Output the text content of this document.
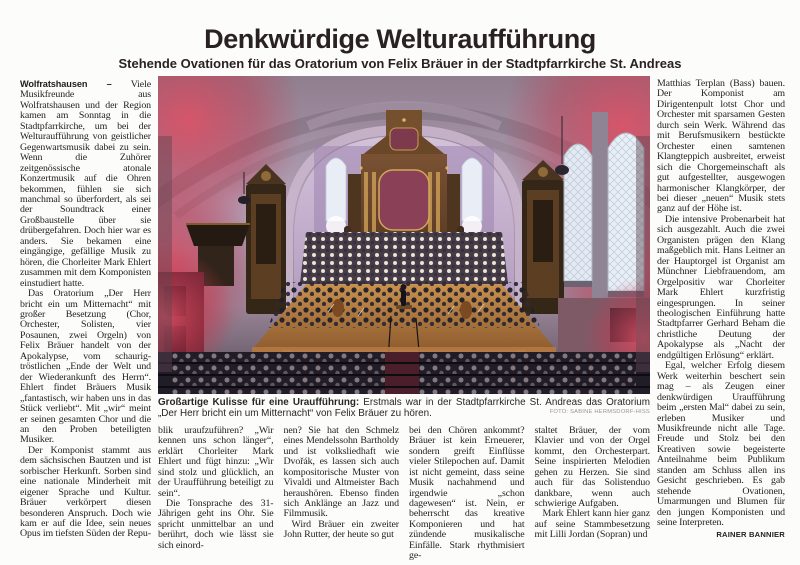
Denkwürdige Welturaufführung
Stehende Ovationen für das Oratorium von Felix Bräuer in der Stadtpfarrkirche St. Andreas

Wolfratshausen – Viele Musikfreunde aus Wolfratshausen und der Region kamen am Sonntag in die Stadtpfarrkirche, um bei der Welturaufführung von geistlicher Gegenwartsmusik dabei zu sein. Wenn die Zuhörer zeitgenössische atonale Konzertmusik auf die Ohren bekommen, fühlen sie sich manchmal so überfordert, als sei der Soundtrack einer Großbaustelle über sie drübergefahren. Doch hier war es anders. Sie bekamen eine eingängige, gefällige Musik zu hören, die Chorleiter Mark Ehlert zusammen mit dem Komponisten einstudiert hatte.

Das Oratorium „Der Herr bricht ein um Mitternacht“ mit großer Besetzung (Chor, Orchester, Solisten, vier Posaunen, zwei Orgeln) von Felix Bräuer handelt von der Apokalypse, vom schaurig-tröstlichen „Ende der Welt und der Wiederankunft des Herrn“. Ehlert findet Bräuers Musik „fantastisch, wir haben uns in das Stück verliebt“. Mit „wir“ meint er seinen gesamten Chor und die an den Proben beteiligten Musiker.

Der Komponist stammt aus dem sächsischen Bautzen und ist sorbischer Herkunft. Sorben sind eine nationale Minderheit mit eigener Sprache und Kultur. Bräuer verkörpert diesen besonderen Anspruch. Doch wie kam er auf die Idee, sein neues Opus im tiefsten Süden der Repu-

Großartige Kulisse für eine Uraufführung: Erstmals war in der Stadtpfarrkirche St. Andreas das Oratorium „Der Herr bricht ein um Mitternacht“ von Felix Bräuer zu hören.	FOTO: SABINE HERMSDORF-HISS

blik uraufzuführen? „Wir kennen uns schon länger“, erklärt Chorleiter Mark Ehlert und fügt hinzu: „Wir sind stolz und glücklich, an der Uraufführung beteiligt zu sein“.

Die Tonsprache des 31-Jährigen geht ins Ohr. Sie spricht unmittelbar an und berührt, doch wie lässt sie sich einord-

nen? Sie hat den Schmelz eines Mendelssohn Bartholdy und ist volksliedhaft wie Dvořák, es lassen sich auch kompositorische Muster von Vivaldi und Altmeister Bach heraushören. Ebenso finden sich Anklänge an Jazz und Filmmusik.

Wird Bräuer ein zweiter John Rutter, der heute so gut

bei den Chören ankommt? Bräuer ist kein Erneuerer, sondern greift Einflüsse vieler Stilepochen auf. Damit ist nicht gemeint, dass seine Musik nachahmend und irgendwie „schon dagewesen“ ist. Nein, er beherrscht das kreative Komponieren und hat zündende musikalische Einfälle. Stark rhythmisiert ge-

staltet Bräuer, der vom Klavier und von der Orgel kommt, den Orchesterpart. Seine inspirierten Melodien gehen zu Herzen. Sie sind auch für das Solistenduo dankbare, wenn auch schwierige Aufgaben.

Mark Ehlert kann hier ganz auf seine Stammbesetzung mit Lilli Jordan (Sopran) und

Matthias Terplan (Bass) bauen. Der Komponist am Dirigentenpult lotst Chor und Orchester mit sparsamen Gesten durch sein Werk. Während das mit Berufsmusikern bestückte Orchester einen samtenen Klangteppich ausbreitet, erweist sich die Chorgemeinschaft als gut aufgestellter, ausgewogen harmonischer Klangkörper, der bei dieser „neuen“ Musik stets ganz auf der Höhe ist.

Die intensive Probenarbeit hat sich ausgezahlt. Auch die zwei Organisten prägen den Klang maßgeblich mit. Hans Leitner an der Hauptorgel ist Organist am Münchner Liebfrauendom, am Orgelpositiv war Chorleiter Mark Ehlert kurzfristig eingesprungen. In seiner theologischen Einführung hatte Stadtpfarrer Gerhard Beham die christliche Deutung der Apokalypse als „Nacht der endgültigen Erlösung“ erklärt.

Egal, welcher Erfolg diesem Werk weiterhin beschert sein mag – als Zeugen einer denkwürdigen Uraufführung beim „ersten Mal“ dabei zu sein, erleben Musiker und Musikfreunde nicht alle Tage. Freude und Stolz bei den Kreativen sowie begeisterte Anteilnahme beim Publikum standen am Schluss allen ins Gesicht geschrieben. Es gab stehende Ovationen, Umarmungen und Blumen für den jungen Komponisten und seine Interpreten.
RAINER BANNIER
